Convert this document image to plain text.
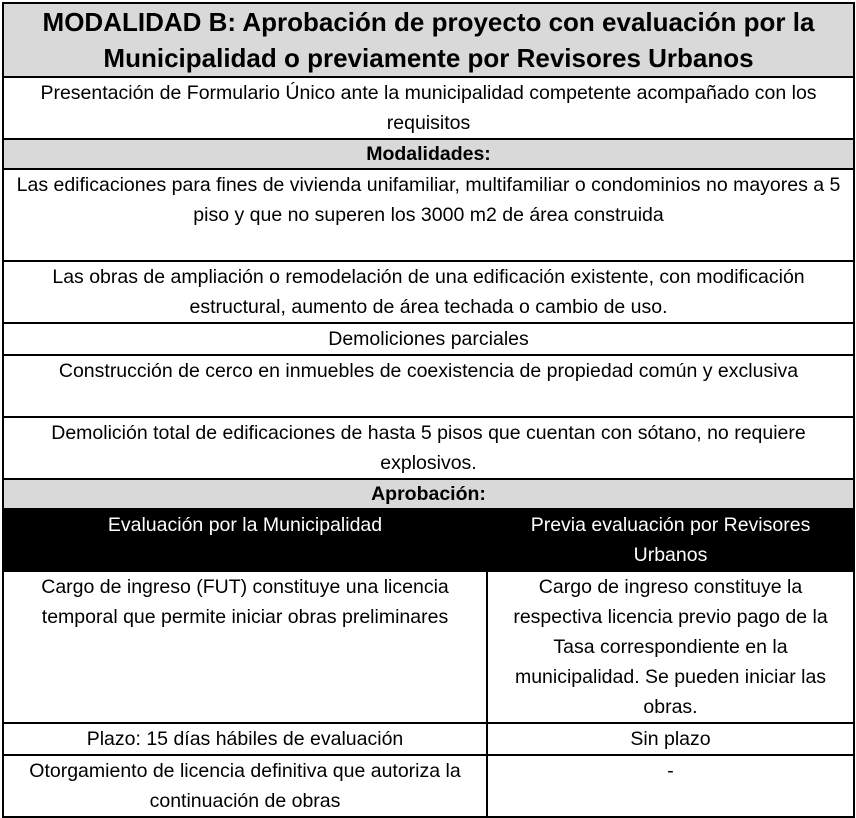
MODALIDAD B: Aprobación de proyecto con evaluación por la Municipalidad o previamente por Revisores Urbanos	
Presentación de Formulario Único ante la municipalidad competente acompañado con los requisitos	
Modalidades:	
Las edificaciones para fines de vivienda unifamiliar, multifamiliar o condominios no mayores a 5 piso y que no superen los 3000 m2 de área construida	
Las obras de ampliación o remodelación de una edificación existente, con modificación estructural, aumento de área techada o cambio de uso.	
Demoliciones parciales	
Construcción de cerco en inmuebles de coexistencia de propiedad común y exclusiva	
Demolición total de edificaciones de hasta 5 pisos que cuentan con sótano, no requiere explosivos.	
Aprobación:	
Evaluación por la Municipalidad	Previa evaluación por Revisores Urbanos
Cargo de ingreso (FUT) constituye una licencia temporal que permite iniciar obras preliminares	Cargo de ingreso constituye la respectiva licencia previo pago de la Tasa correspondiente en la municipalidad. Se pueden iniciar las obras.
Plazo: 15 días hábiles de evaluación	Sin plazo
Otorgamiento de licencia definitiva que autoriza la continuación de obras	-
